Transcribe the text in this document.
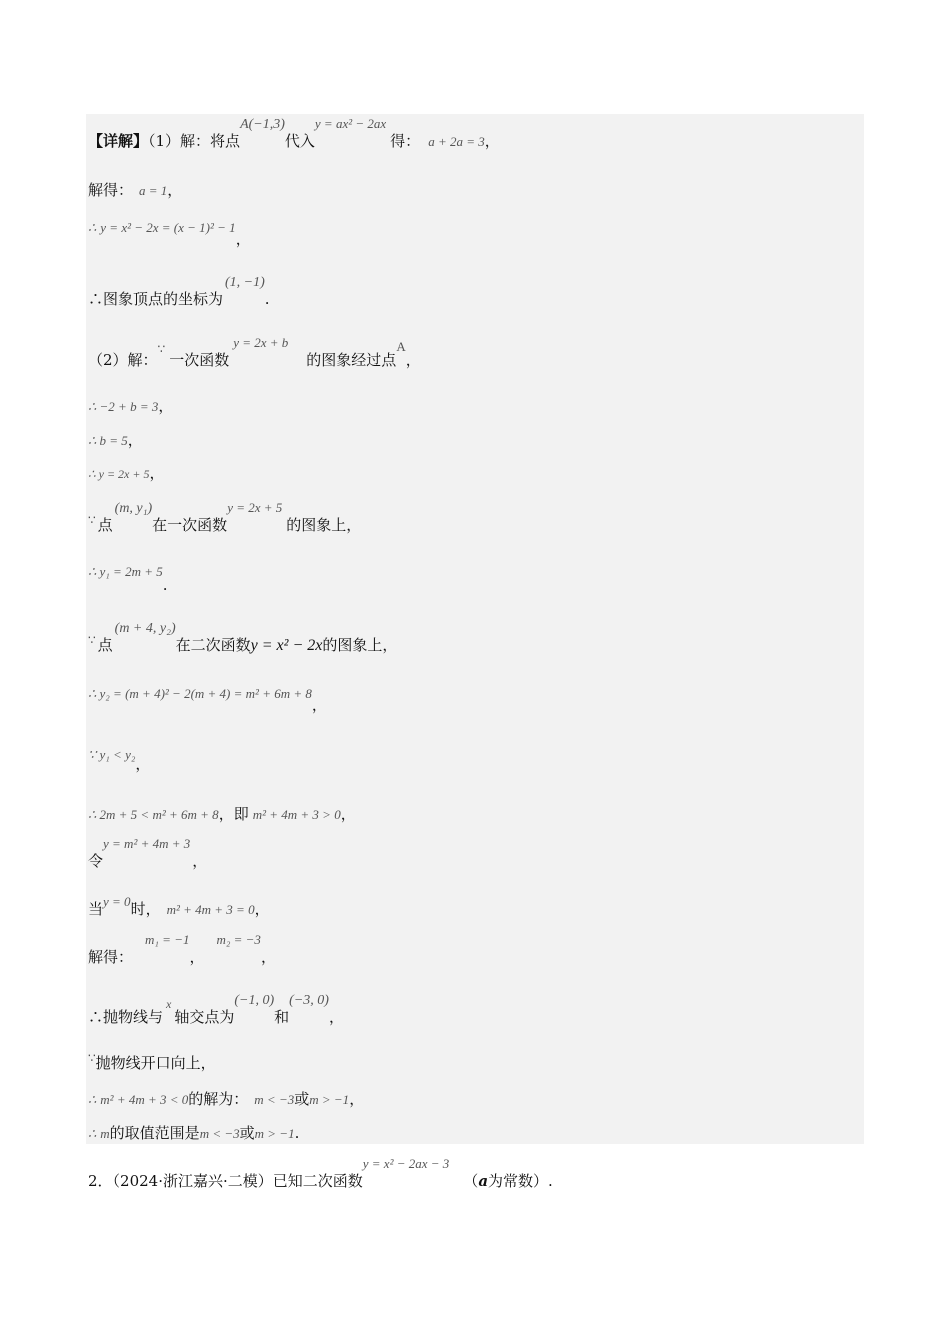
【详解】（1）解：将点A(−1,3)代入y = ax² − 2ax得： a + 2a = 3，
解得： a = 1，
∴ y = x² − 2x = (x − 1)² − 1，
∴图象顶点的坐标为(1, −1).
（2）解：∵一次函数y = 2x + b的图象经过点A，
∴ −2 + b = 3，
∴ b = 5，
∴ y = 2x + 5，
∵ 点(m, y₁)在一次函数y = 2x + 5的图象上，
∴ y₁ = 2m + 5.
∵ 点(m + 4, y₂)在二次函数y = x² − 2x的图象上，
∴ y₂ = (m + 4)² − 2(m + 4) = m² + 6m + 8，
∵ y₁ < y₂，
∴ 2m + 5 < m² + 6m + 8，即 m² + 4m + 3 > 0，
令y = m² + 4m + 3，
当y = 0时， m² + 4m + 3 = 0，
解得：m₁ = −1，m₂ = −3，
∴抛物线与$^x$轴交点为(−1, 0)和(−3, 0)，
∵抛物线开口向上，
∴ m² + 4m + 3 < 0的解为： m < −3或m > −1，
∴ m的取值范围是m < −3或m > −1.
2．（2024·浙江嘉兴·二模）已知二次函数y = x² − 2ax − 3（a为常数）.
